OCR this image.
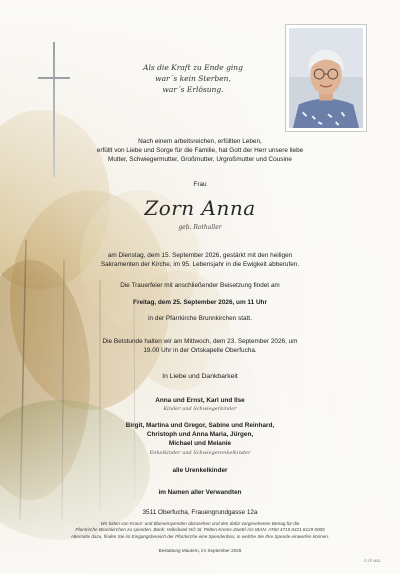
Als die Kraft zu Ende ging
war´s kein Sterben,
war´s Erlösung.
Nach einem arbeitsreichen, erfüllten Leben,
erfüllt von Liebe und Sorge für die Familie, hat Gott der Herr unsere liebe
Mutter, Schwiegermutter, Großmutter, Urgroßmutter und Cousine
Frau
Zorn Anna
geb. Rothaller
am Dienstag, dem 15. September 2026, gestärkt mit den heiligen
Sakramenten der Kirche, im 95. Lebensjahr in die Ewigkeit abberufen.
Die Trauerfeier mit anschließender Beisetzung findet am
Freitag, dem 25. September 2026, um 11 Uhr
in der Pfarrkirche Brunnkirchen statt.
Die Betstunde halten wir am Mittwoch, dem 23. September 2026, um
19.00 Uhr in der Ortskapelle Oberfucha.
In Liebe und Dankbarkeit
Anna und Ernst, Karl und Ilse
Kinder und Schwiegerkinder
Birgit, Martina und Gregor, Sabine und Reinhard,
Christoph und Anna Maria, Jürgen,
Michael und Melanie
Enkelkinder und Schwiegerenkelkinder
alle Urenkelkinder
im Namen aller Verwandten
3511 Oberfucha, Frauengrundgasse 12a
Wir bitten von Kranz- und Blumenspenden abzusehen und den dafür vorgesehenen Betrag für die
Pfarrkirche Brunnkirchen zu spenden. Bank: Volksbank NÖ St. Pölten-Krems-Zwettl-AG IBAN: AT60 4715 0421 8129 0000
Alternativ dazu, finden Sie im Eingangsbereich der Pfarrkirche eine Spendenbox, in welche Sie Ihre Spende einwerfen können.
Bestattung Mautern, im September 2026
© ZP 4621
